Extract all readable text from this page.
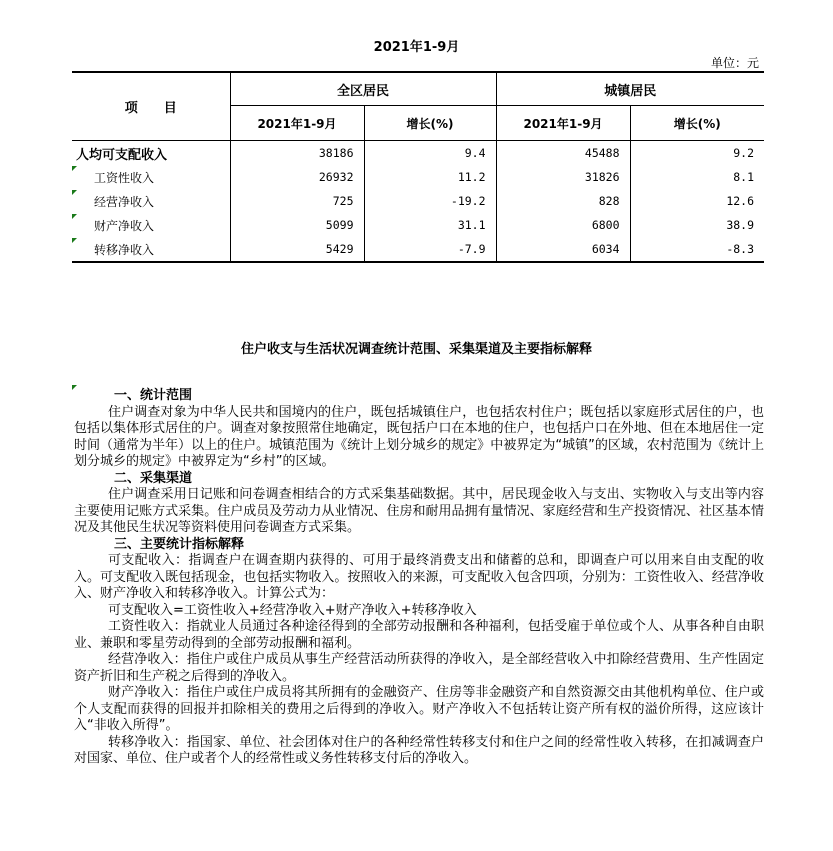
2021年1-9月
单位：元
项　　目	全区居民		城镇居民	
	2021年1-9月	增长(%)	2021年1-9月	增长(%)
人均可支配收入	38186	9.4	45488	9.2
工资性收入	26932	11.2	31826	8.1
经营净收入	725	-19.2	828	12.6
财产净收入	5099	31.1	6800	38.9
转移净收入	5429	-7.9	6034	-8.3
住户收支与生活状况调查统计范围、采集渠道及主要指标解释
一、统计范围
住户调查对象为中华人民共和国境内的住户，既包括城镇住户，也包括农村住户；既包括以家庭形式居住的户，也包括以集体形式居住的户。调查对象按照常住地确定，既包括户口在本地的住户，也包括户口在外地、但在本地居住一定时间（通常为半年）以上的住户。城镇范围为《统计上划分城乡的规定》中被界定为“城镇”的区域，农村范围为《统计上划分城乡的规定》中被界定为“乡村”的区域。
二、采集渠道
住户调查采用日记账和问卷调查相结合的方式采集基础数据。其中，居民现金收入与支出、实物收入与支出等内容主要使用记账方式采集。住户成员及劳动力从业情况、住房和耐用品拥有量情况、家庭经营和生产投资情况、社区基本情况及其他民生状况等资料使用问卷调查方式采集。
三、主要统计指标解释
可支配收入：指调查户在调查期内获得的、可用于最终消费支出和储蓄的总和，即调查户可以用来自由支配的收入。可支配收入既包括现金，也包括实物收入。按照收入的来源，可支配收入包含四项，分别为：工资性收入、经营净收入、财产净收入和转移净收入。计算公式为：
可支配收入=工资性收入+经营净收入+财产净收入+转移净收入
工资性收入：指就业人员通过各种途径得到的全部劳动报酬和各种福利，包括受雇于单位或个人、从事各种自由职业、兼职和零星劳动得到的全部劳动报酬和福利。
经营净收入：指住户或住户成员从事生产经营活动所获得的净收入，是全部经营收入中扣除经营费用、生产性固定资产折旧和生产税之后得到的净收入。
财产净收入：指住户或住户成员将其所拥有的金融资产、住房等非金融资产和自然资源交由其他机构单位、住户或个人支配而获得的回报并扣除相关的费用之后得到的净收入。财产净收入不包括转让资产所有权的溢价所得，这应该计入“非收入所得”。
转移净收入：指国家、单位、社会团体对住户的各种经常性转移支付和住户之间的经常性收入转移，在扣减调查户对国家、单位、住户或者个人的经常性或义务性转移支付后的净收入。
